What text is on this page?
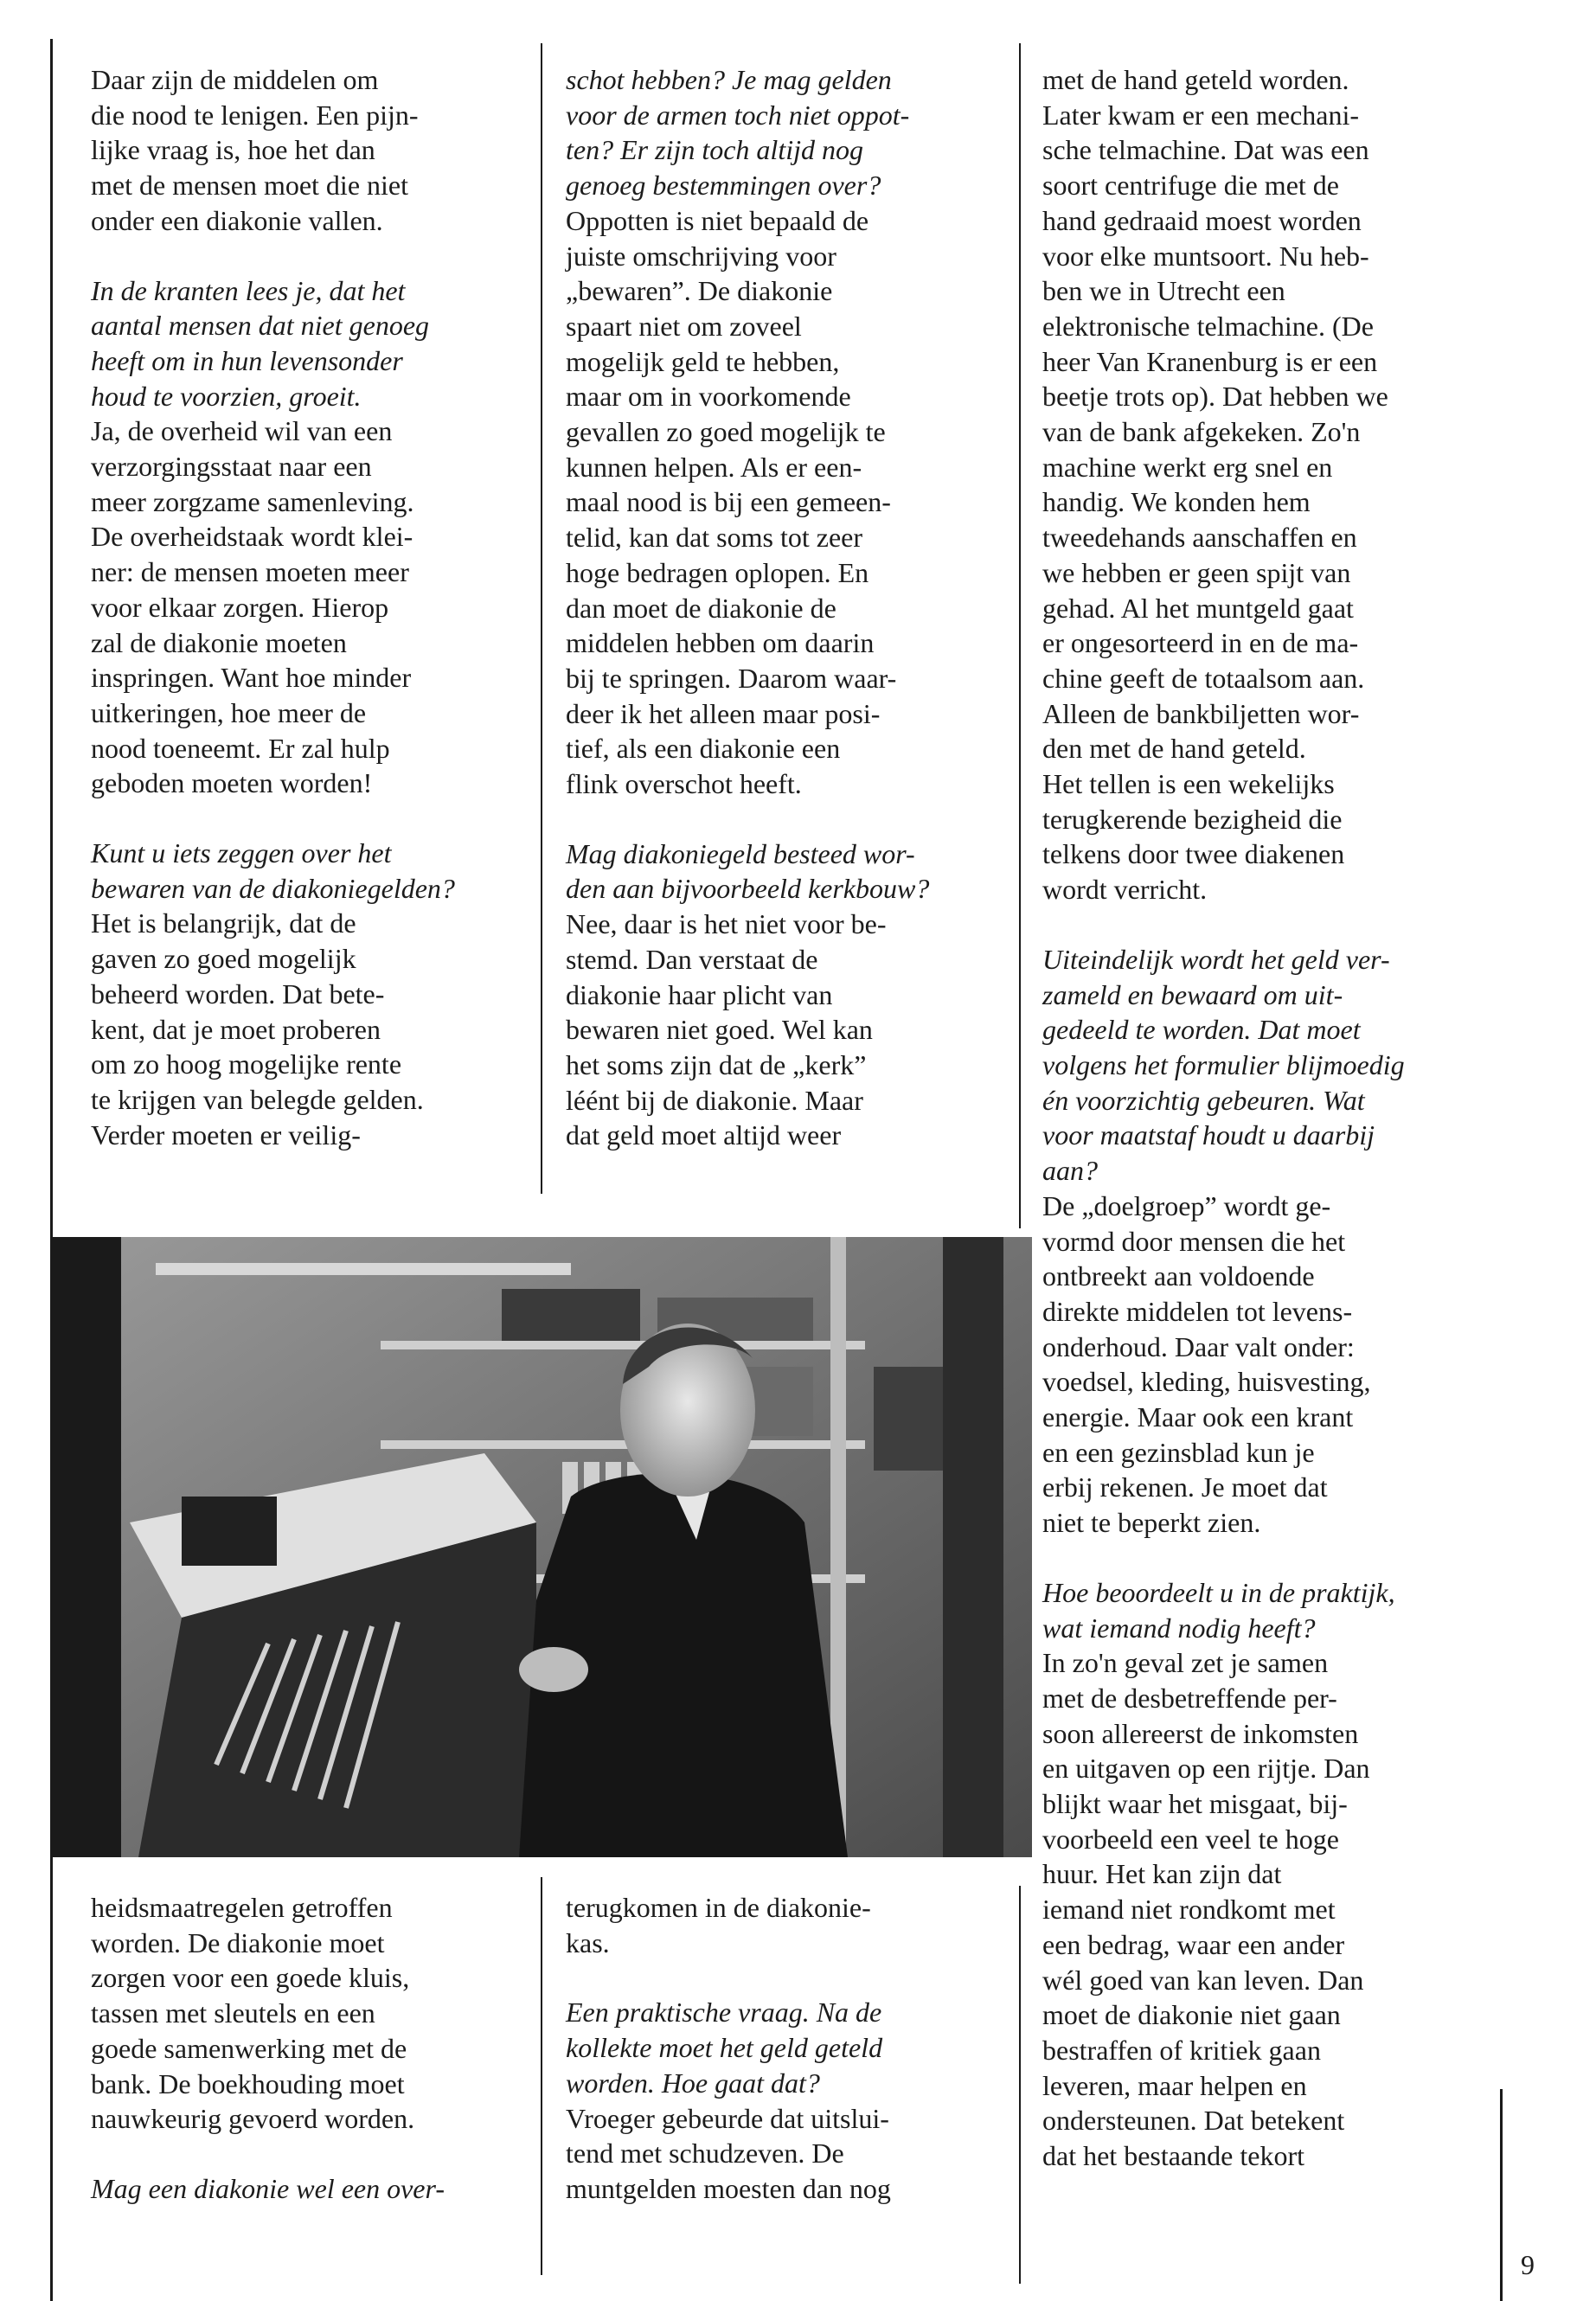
Daar zijn de middelen om
die nood te lenigen. Een pijn-
lijke vraag is, hoe het dan
met de mensen moet die niet
onder een diakonie vallen.

In de kranten lees je, dat het
aantal mensen dat niet genoeg
heeft om in hun levensonder
houd te voorzien, groeit.

Ja, de overheid wil van een
verzorgingsstaat naar een
meer zorgzame samenleving.
De overheidstaak wordt klei-
ner: de mensen moeten meer
voor elkaar zorgen. Hierop
zal de diakonie moeten
inspringen. Want hoe minder
uitkeringen, hoe meer de
nood toeneemt. Er zal hulp
geboden moeten worden!

Kunt u iets zeggen over het
bewaren van de diakoniegelden?

Het is belangrijk, dat de
gaven zo goed mogelijk
beheerd worden. Dat bete-
kent, dat je moet proberen
om zo hoog mogelijke rente
te krijgen van belegde gelden.
Verder moeten er veilig-

schot hebben? Je mag gelden
voor de armen toch niet oppot-
ten? Er zijn toch altijd nog
genoeg bestemmingen over?

Oppotten is niet bepaald de
juiste omschrijving voor
„bewaren”. De diakonie
spaart niet om zoveel
mogelijk geld te hebben,
maar om in voorkomende
gevallen zo goed mogelijk te
kunnen helpen. Als er een-
maal nood is bij een gemeen-
telid, kan dat soms tot zeer
hoge bedragen oplopen. En
dan moet de diakonie de
middelen hebben om daarin
bij te springen. Daarom waar-
deer ik het alleen maar posi-
tief, als een diakonie een
flink overschot heeft.

Mag diakoniegeld besteed wor-
den aan bijvoorbeeld kerkbouw?

Nee, daar is het niet voor be-
stemd. Dan verstaat de
diakonie haar plicht van
bewaren niet goed. Wel kan
het soms zijn dat de „kerk”
léént bij de diakonie. Maar
dat geld moet altijd weer

met de hand geteld worden.
Later kwam er een mechani-
sche telmachine. Dat was een
soort centrifuge die met de
hand gedraaid moest worden
voor elke muntsoort. Nu heb-
ben we in Utrecht een
elektronische telmachine. (De
heer Van Kranenburg is er een
beetje trots op). Dat hebben we
van de bank afgekeken. Zo'n
machine werkt erg snel en
handig. We konden hem
tweedehands aanschaffen en
we hebben er geen spijt van
gehad. Al het muntgeld gaat
er ongesorteerd in en de ma-
chine geeft de totaalsom aan.
Alleen de bankbiljetten wor-
den met de hand geteld.
Het tellen is een wekelijks
terugkerende bezigheid die
telkens door twee diakenen
wordt verricht.

Uiteindelijk wordt het geld ver-
zameld en bewaard om uit-
gedeeld te worden. Dat moet
volgens het formulier blijmoedig
én voorzichtig gebeuren. Wat
voor maatstaf houdt u daarbij
aan?

De „doelgroep” wordt ge-
vormd door mensen die het
ontbreekt aan voldoende
direkte middelen tot levens-
onderhoud. Daar valt onder:
voedsel, kleding, huisvesting,
energie. Maar ook een krant
en een gezinsblad kun je
erbij rekenen. Je moet dat
niet te beperkt zien.

Hoe beoordeelt u in de praktijk,
wat iemand nodig heeft?

In zo'n geval zet je samen
met de desbetreffende per-
soon allereerst de inkomsten
en uitgaven op een rijtje. Dan
blijkt waar het misgaat, bij-
voorbeeld een veel te hoge
huur. Het kan zijn dat
iemand niet rondkomt met
een bedrag, waar een ander
wél goed van kan leven. Dan
moet de diakonie niet gaan
bestraffen of kritiek gaan
leveren, maar helpen en
ondersteunen. Dat betekent
dat het bestaande tekort

heidsmaatregelen getroffen
worden. De diakonie moet
zorgen voor een goede kluis,
tassen met sleutels en een
goede samenwerking met de
bank. De boekhouding moet
nauwkeurig gevoerd worden.

Mag een diakonie wel een over-

terugkomen in de diakonie-
kas.

Een praktische vraag. Na de
kollekte moet het geld geteld
worden. Hoe gaat dat?

Vroeger gebeurde dat uitslui-
tend met schudzeven. De
muntgelden moesten dan nog

9
